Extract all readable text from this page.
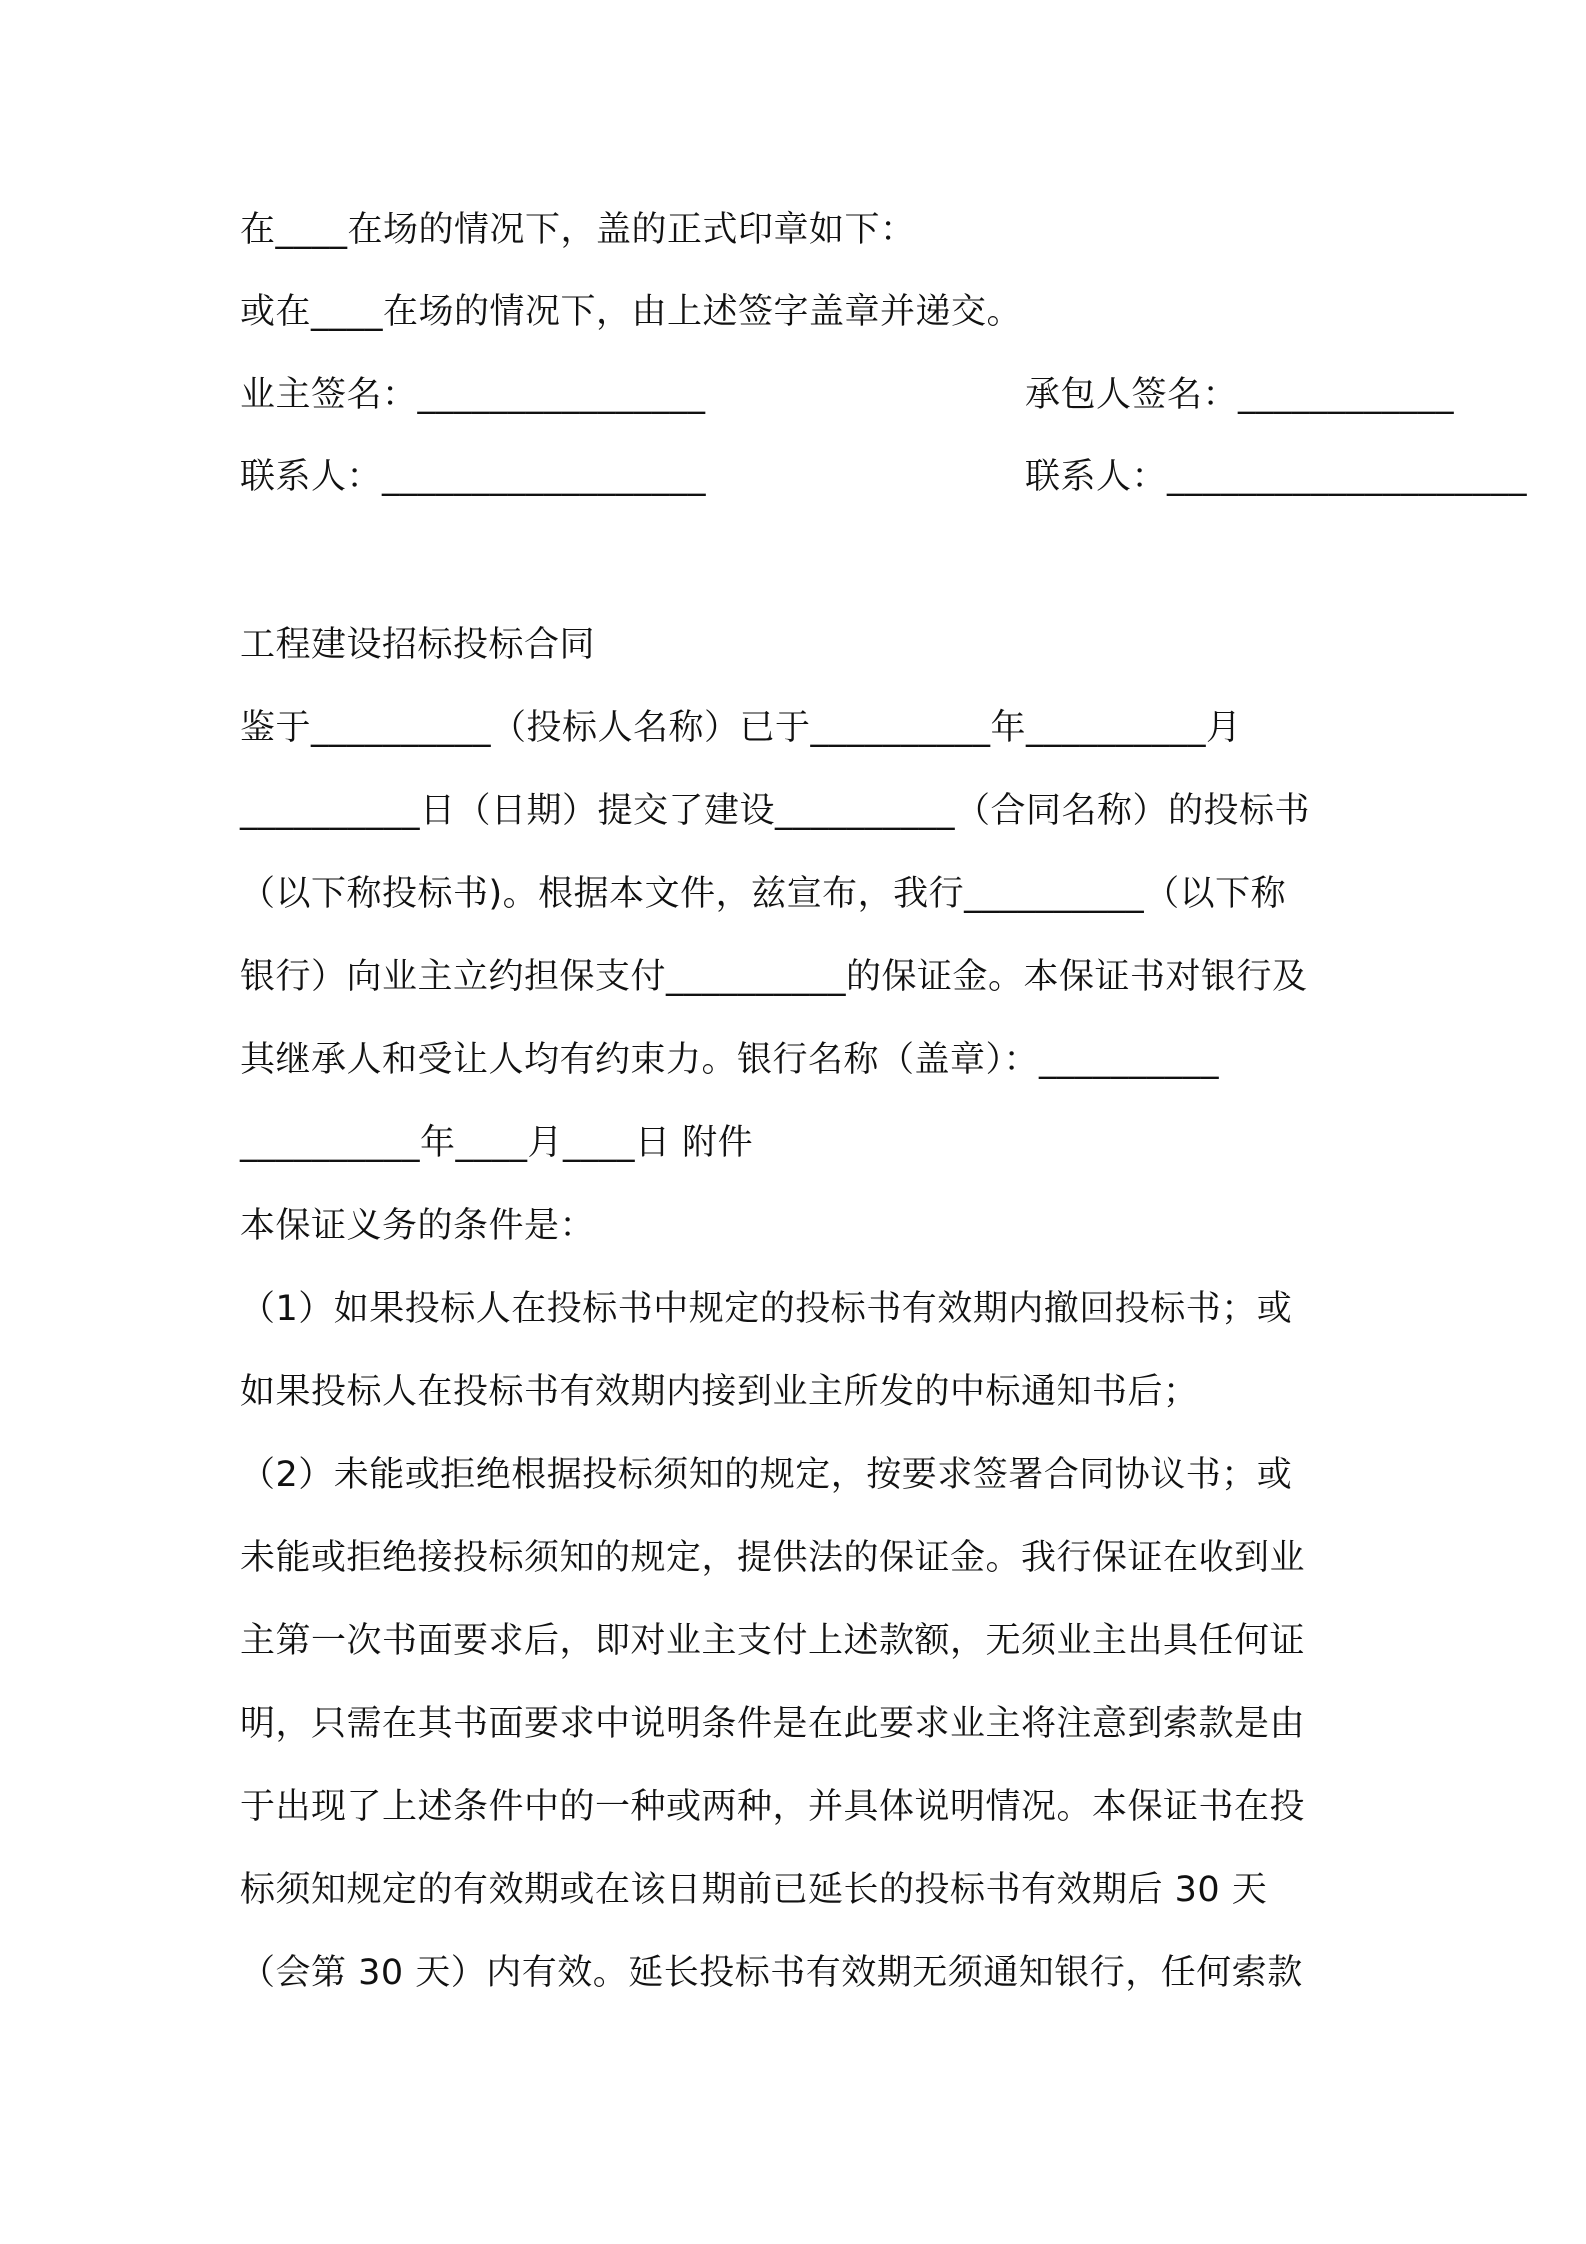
在____在场的情况下，盖的正式印章如下：
或在____在场的情况下，由上述签字盖章并递交。
业主签名：________________	承包人签名：____________
联系人：__________________	联系人：____________________
工程建设招标投标合同
鉴于__________（投标人名称）已于__________年__________月
__________日（日期）提交了建设__________（合同名称）的投标书
（以下称投标书)。根据本文件，兹宣布，我行__________（以下称
银行）向业主立约担保支付__________的保证金。本保证书对银行及
其继承人和受让人均有约束力。银行名称（盖章）：__________
__________年____月____日 附件
本保证义务的条件是：
（1）如果投标人在投标书中规定的投标书有效期内撤回投标书；或
如果投标人在投标书有效期内接到业主所发的中标通知书后；
（2）未能或拒绝根据投标须知的规定，按要求签署合同协议书；或
未能或拒绝接投标须知的规定，提供法的保证金。我行保证在收到业
主第一次书面要求后，即对业主支付上述款额，无须业主出具任何证
明，只需在其书面要求中说明条件是在此要求业主将注意到索款是由
于出现了上述条件中的一种或两种，并具体说明情况。本保证书在投
标须知规定的有效期或在该日期前已延长的投标书有效期后 30 天
（会第 30 天）内有效。延长投标书有效期无须通知银行，任何索款
